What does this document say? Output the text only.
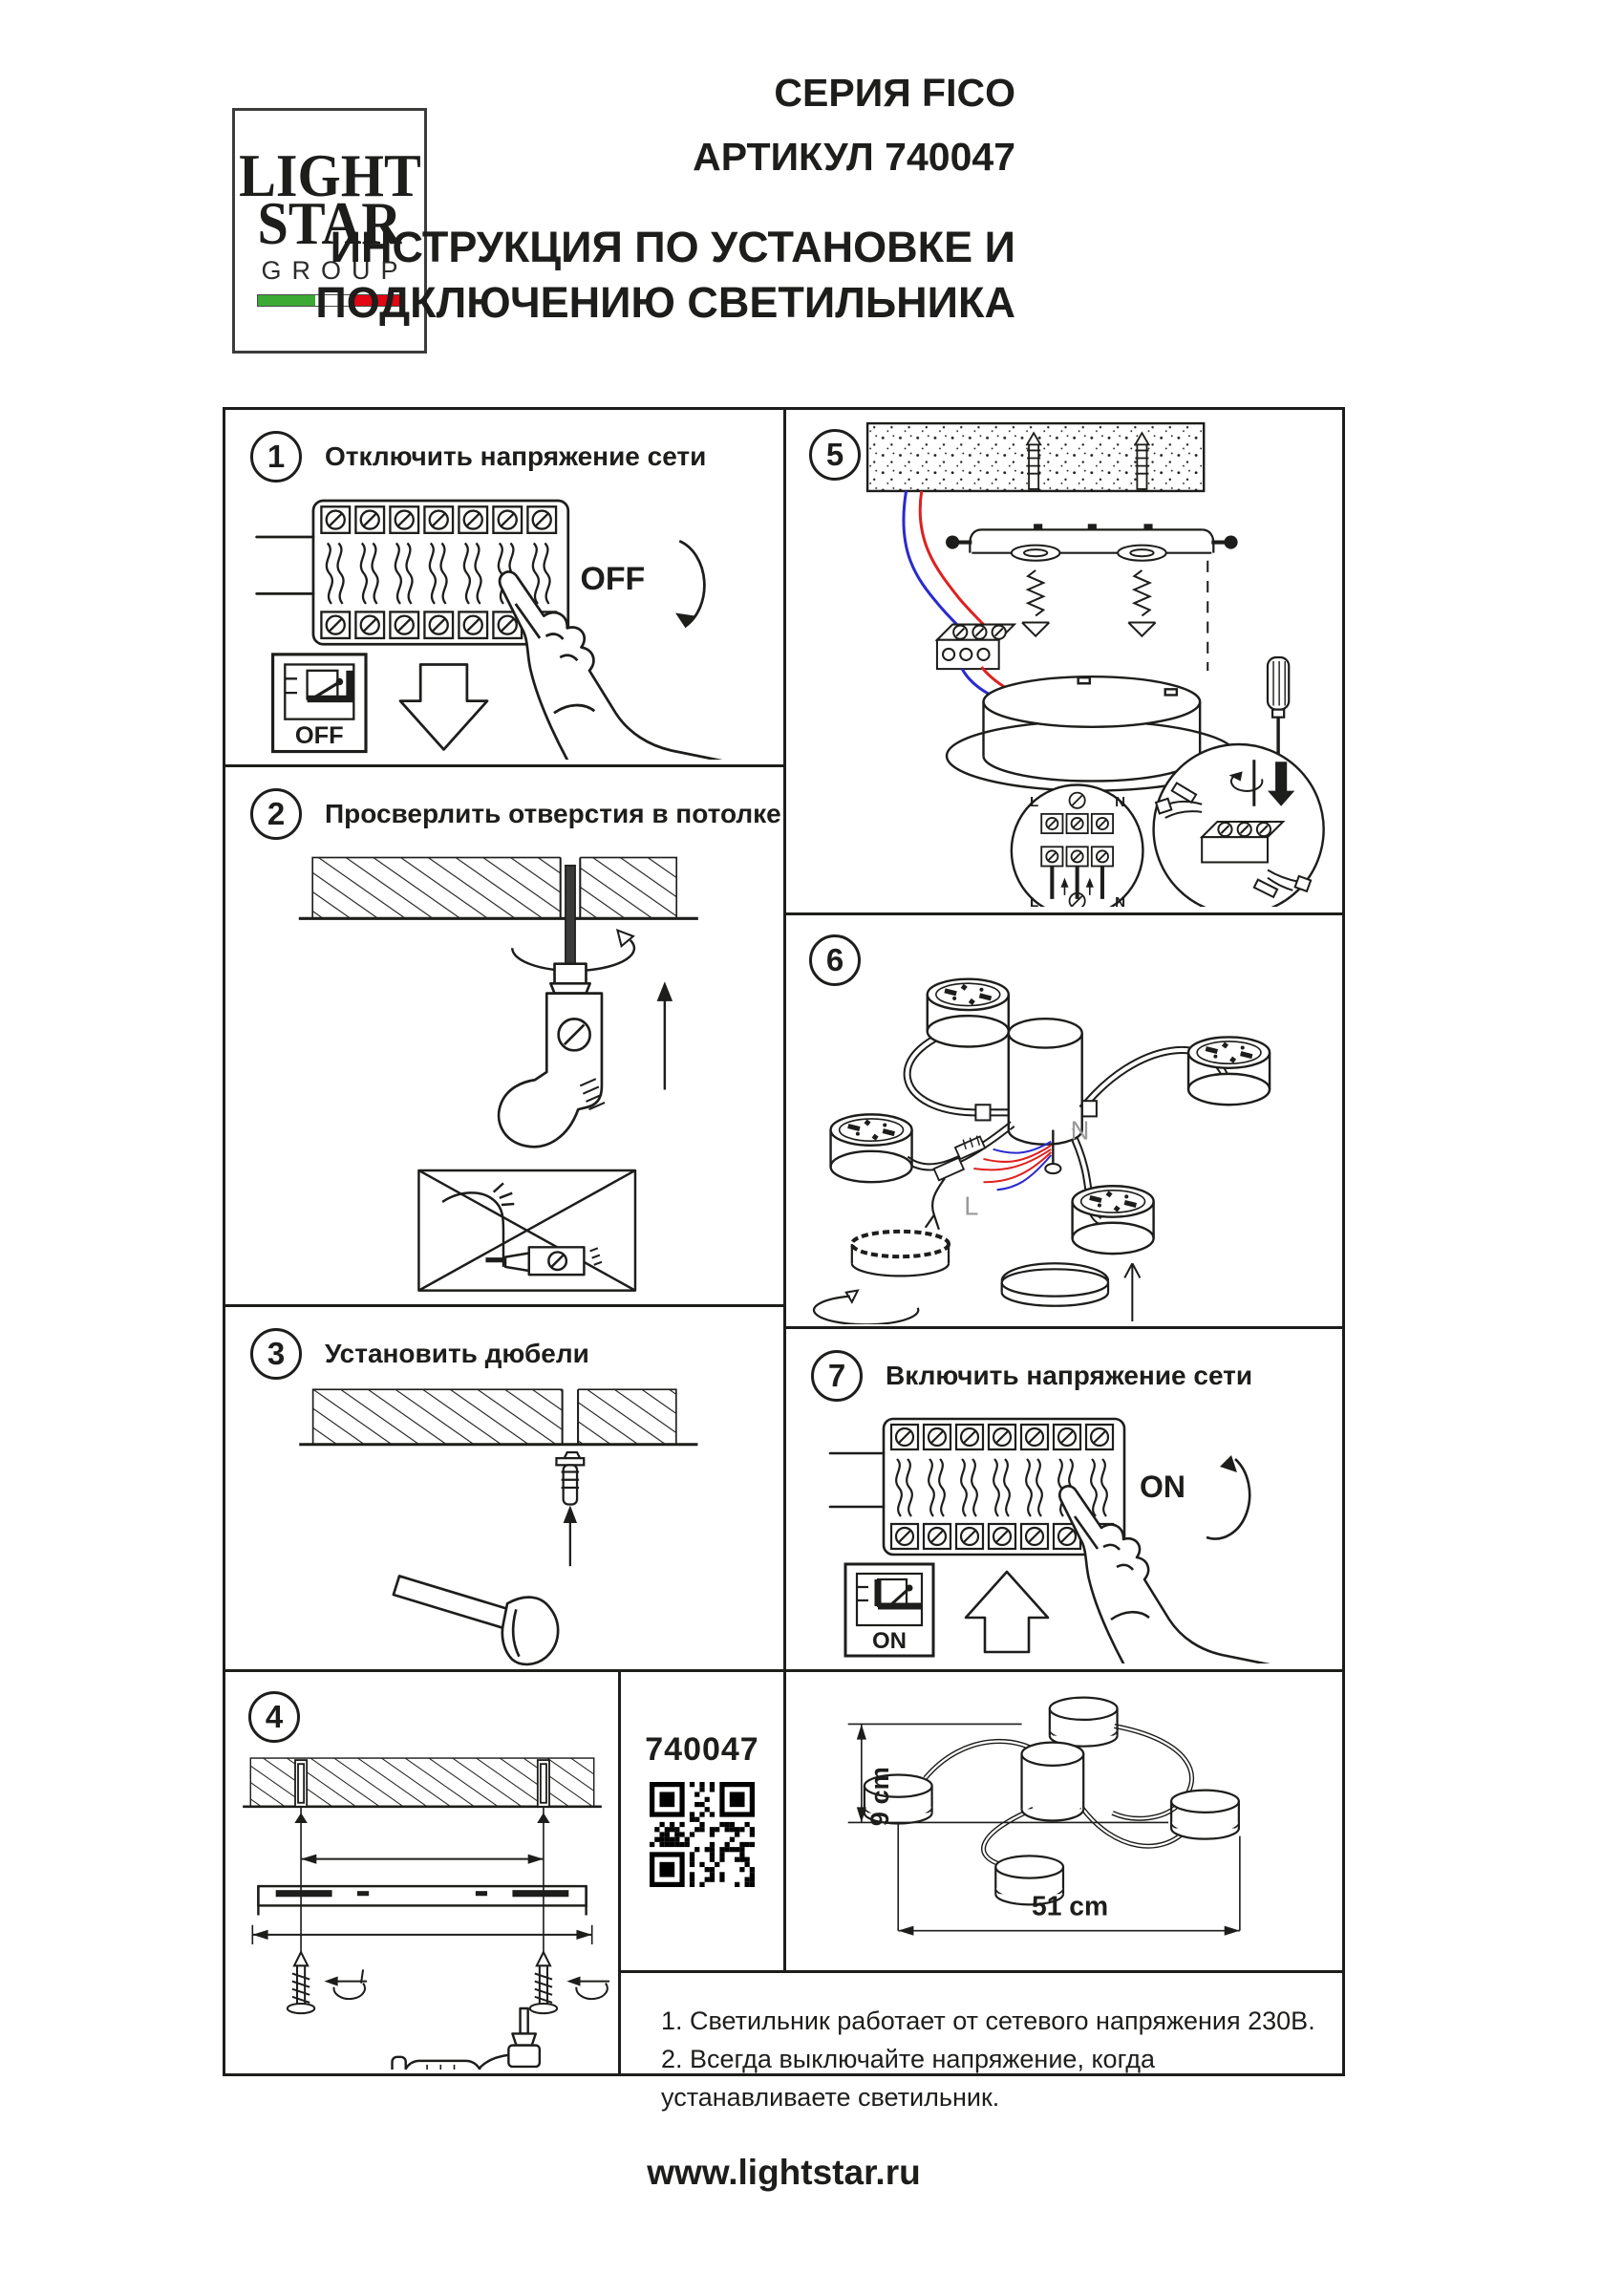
LIGHT
STAR
GROUP
СЕРИЯ FICO
АРТИКУЛ 740047
ИНСТРУКЦИЯ ПО УСТАНОВКЕ И
ПОДКЛЮЧЕНИЮ СВЕТИЛЬНИКА
1	Отключить напряжение сети
OFF
OFF
2	Просверлить отверстия в потолке
3	Установить дюбели
4
5
L	N
L	N
6
N
L
7	Включить напряжение сети
ON
ON
740047
9 cm
51 cm
1. Светильник работает от сетевого напряжения 230В.
2. Всегда выключайте напряжение, когда устанавливаете светильник.
www.lightstar.ru
